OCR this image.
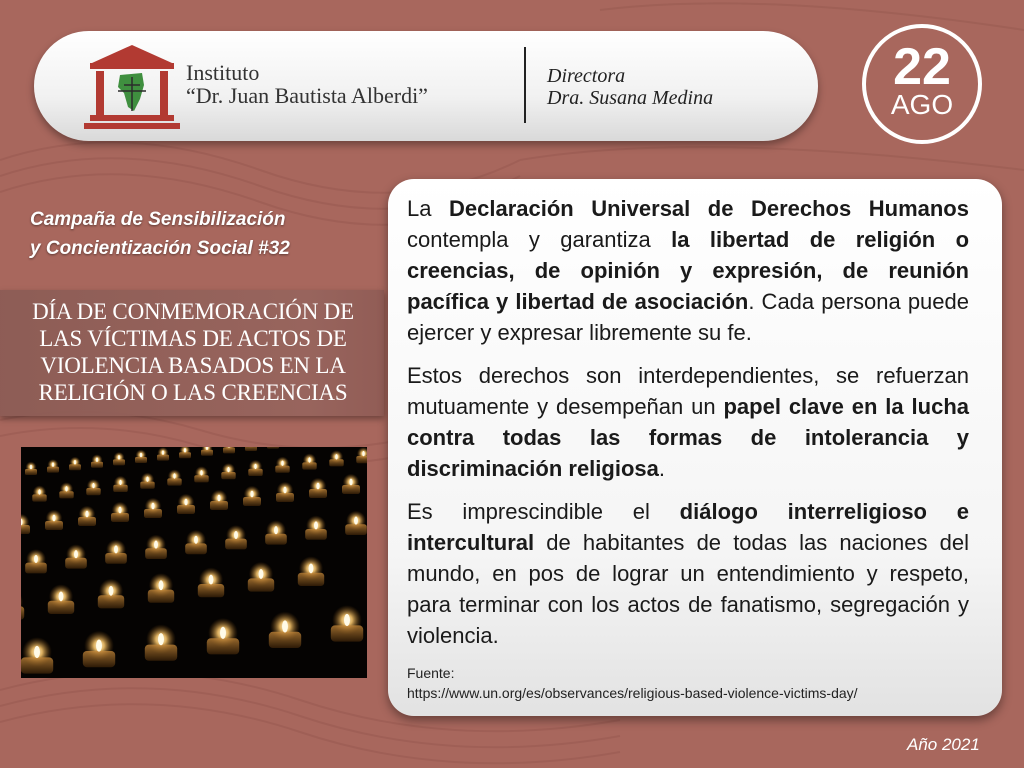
Instituto
“Dr. Juan Bautista Alberdi”
Directora
Dra. Susana Medina
22
AGO
Campaña de Sensibilización
y Concientización Social #32
DÍA DE CONMEMORACIÓN DE
LAS VÍCTIMAS DE ACTOS DE
VIOLENCIA BASADOS EN LA
RELIGIÓN O LAS CREENCIAS
La Declaración Universal de Derechos Humanos contempla y garantiza la libertad de religión o creencias, de opinión y expresión, de reunión pacífica y libertad de asociación. Cada persona puede ejercer y expresar libremente su fe.
Estos derechos son interdependientes, se refuerzan mutuamente y desempeñan un papel clave en la lucha contra todas las formas de intolerancia y discriminación religiosa.
Es imprescindible el diálogo interreligioso e intercultural de habitantes de todas las naciones del mundo, en pos de lograr un entendimiento y respeto, para terminar con los actos de fanatismo, segregación y violencia.
Fuente:
https://www.un.org/es/observances/religious-based-violence-victims-day/
Año 2021
